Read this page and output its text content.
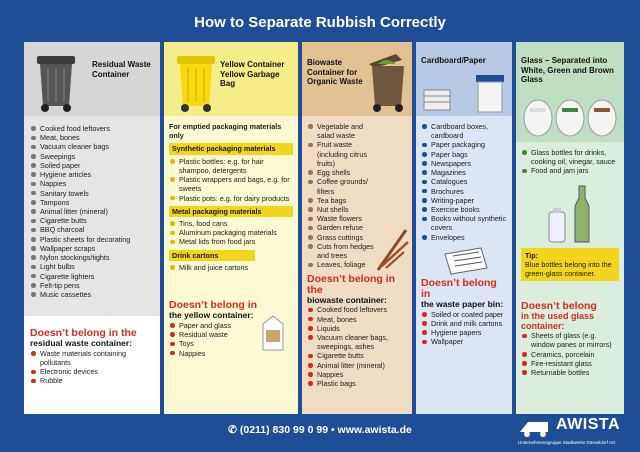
How to Separate Rubbish Correctly
Residual Waste Container
Cooked food leftovers
Meat, bones
Vacuum cleaner bags
Sweepings
Soiled paper
Hygiene articles
Nappies
Sanitary towels
Tampons
Animal litter (mineral)
Cigarette butts
BBQ charcoal
Plastic sheets for decorating
Wallpaper scraps
Nylon stockings/tights
Light bulbs
Cigarette lighters
Felt-tip pens
Music cassettes
Doesn’t belong in the
residual waste container:
Waste materials containing pollutants
Electronic devices
Rubble
Yellow Container Yellow Garbage Bag
For emptied packaging materials only
Synthetic packaging materials
Plastic bottles: e.g. for hair shampoo, detergents
Plastic wrappers and bags, e.g. for sweets
Plastic pots: e.g. for dairy products
Metal packaging materials
Tins, food cans
Aluminum packaging materials
Metal lids from food jars
Drink cartons
Milk and juice cartons
Doesn’t belong in
the yellow container:
Paper and glass
Residual waste
Toys
Nappies
Biowaste Container for Organic Waste
Vegetable and salad waste
Fruit waste (including citrus fruits)
Egg shells
Coffee grounds/ filters
Tea bags
Nut shells
Waste flowers
Garden refuse
Grass cuttings
Cuts from hedges and trees
Leaves, foliage
Doesn’t belong in the
biowaste container:
Cooked food leftovers
Meat, bones
Liquids
Vacuum cleaner bags, sweepings, ashes
Cigarette butts
Animal litter (mineral)
Nappies
Plastic bags
Cardboard/Paper
Cardboard boxes, cardboard
Paper packaging
Paper bags
Newspapers
Magazines
Catalogues
Brochures
Writing-paper
Exercise books
Books without synthetic covers
Envelopes
Doesn’t belong in
the waste paper bin:
Soiled or coated paper
Drink and milk cartons
Hygiene papers
Wallpaper
Glass – Separated into White, Green and Brown Glass
Glass bottles for drinks, cooking oil, vinegar, sauce
Food and jam jars
Tip:
Blue bottles belong into the green-glass container.
Doesn’t belong
in the used glass container:
Sheets of glass (e.g. window panes or mirrors)
Ceramics, porcelain
Fire-resistant glass
Returnable bottles
✆ (0211) 830 99 0 99 • www.awista.de	AWISTA
Unternehmensgruppe Stadtwerke Düsseldorf AG
